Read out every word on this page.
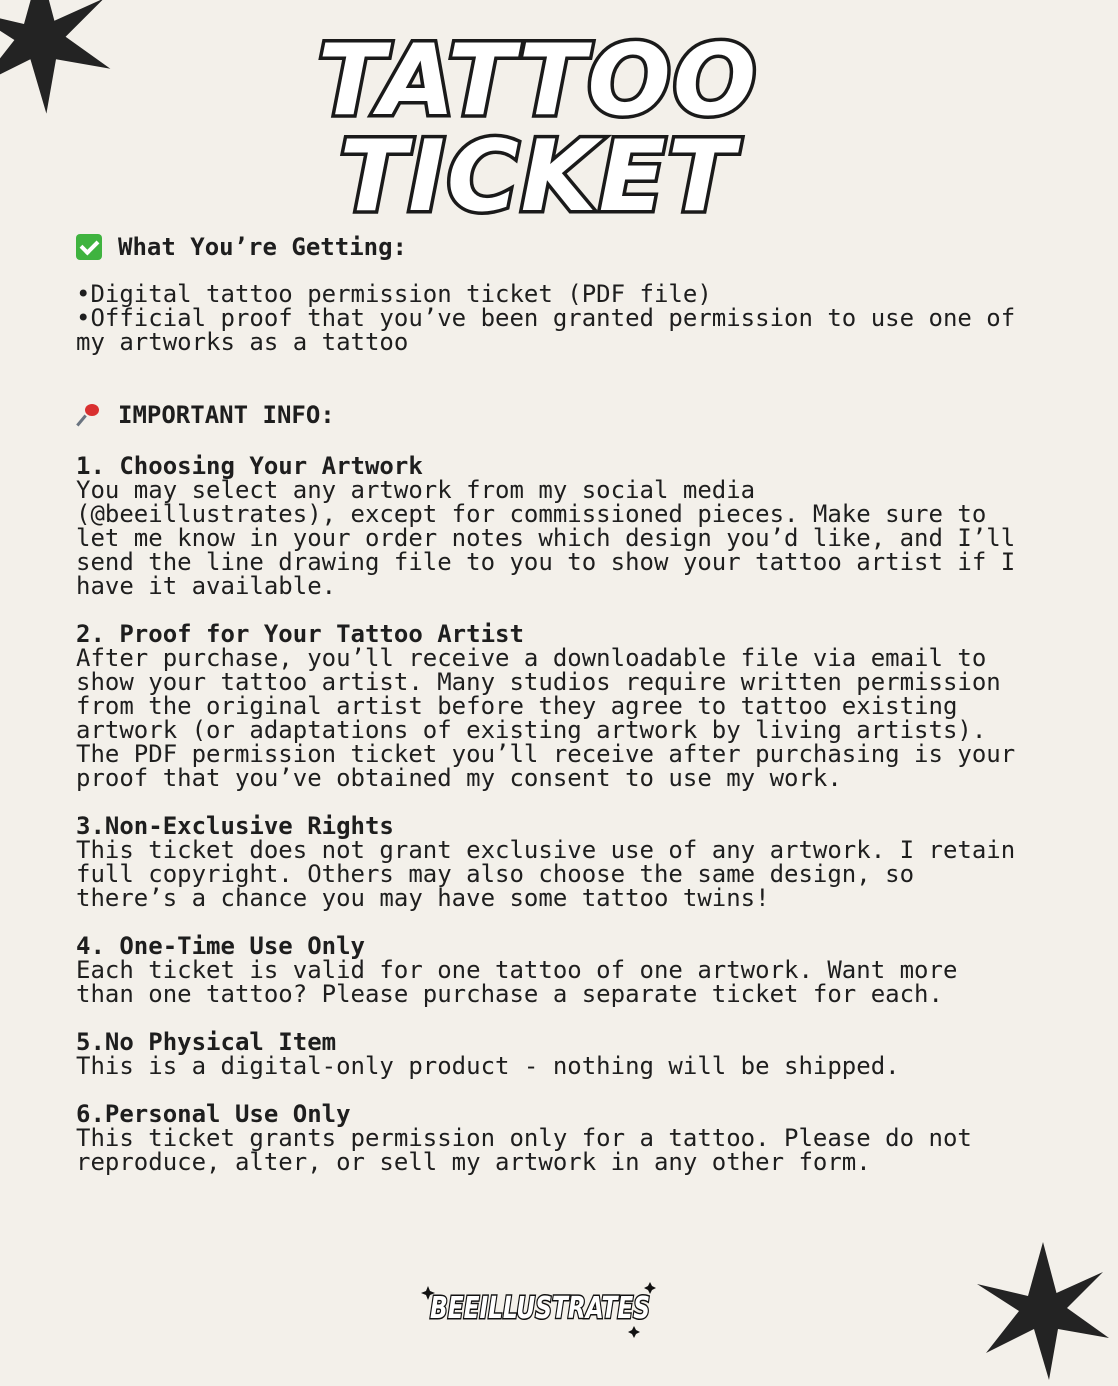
TATTOO
TICKET
What You’re Getting:
•Digital tattoo permission ticket (PDF file)
•Official proof that you’ve been granted permission to use one of my artworks as a tattoo
IMPORTANT INFO:
1. Choosing Your Artwork

You may select any artwork from my social media (@beeillustrates), except for commissioned pieces. Make sure to let me know in your order notes which design you’d like, and I’ll send the line drawing file to you to show your tattoo artist if I have it available.

2. Proof for Your Tattoo Artist

After purchase, you’ll receive a downloadable file via email to show your tattoo artist. Many studios require written permission from the original artist before they agree to tattoo existing artwork (or adaptations of existing artwork by living artists). The PDF permission ticket you’ll receive after purchasing is your proof that you’ve obtained my consent to use my work.

3.Non-Exclusive Rights

This ticket does not grant exclusive use of any artwork. I retain full copyright. Others may also choose the same design, so there’s a chance you may have some tattoo twins!

4. One-Time Use Only

Each ticket is valid for one tattoo of one artwork. Want more than one tattoo? Please purchase a separate ticket for each.

5.No Physical Item

This is a digital-only product - nothing will be shipped.

6.Personal Use Only

This ticket grants permission only for a tattoo. Please do not reproduce, alter, or sell my artwork in any other form.

BEEILLUSTRATES
